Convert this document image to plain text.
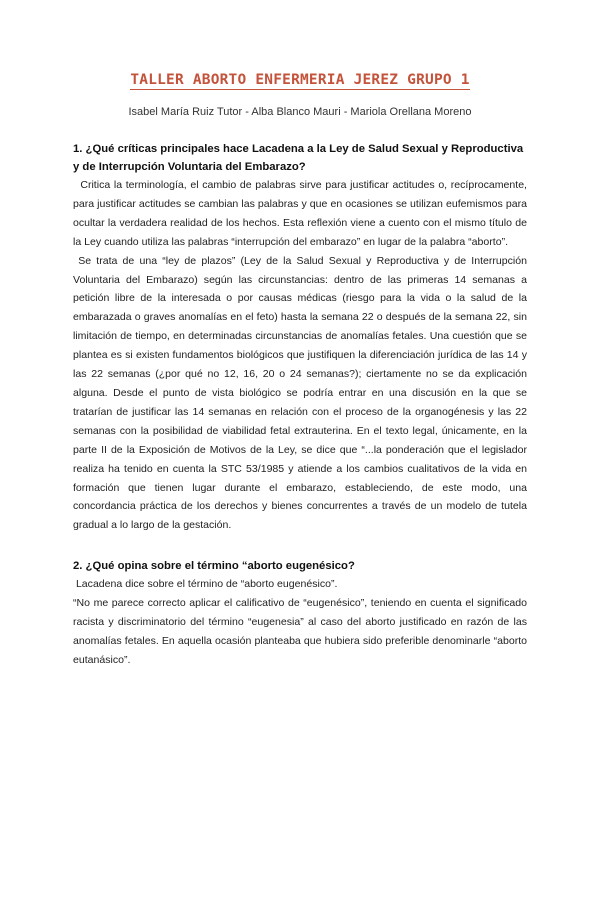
TALLER ABORTO ENFERMERIA JEREZ GRUPO 1

Isabel María Ruiz Tutor - Alba Blanco Mauri - Mariola Orellana Moreno

1. ¿Qué críticas principales hace Lacadena a la Ley de Salud Sexual y Reproductiva y de Interrupción Voluntaria del Embarazo?

Critica la terminología, el cambio de palabras sirve para justificar actitudes o, recíprocamente, para justificar actitudes se cambian las palabras y que en ocasiones se utilizan eufemismos para ocultar la verdadera realidad de los hechos. Esta reflexión viene a cuento con el mismo título de la Ley cuando utiliza las palabras “interrupción del embarazo” en lugar de la palabra “aborto”.

Se trata de una “ley de plazos” (Ley de la Salud Sexual y Reproductiva y de Interrupción Voluntaria del Embarazo) según las circunstancias: dentro de las primeras 14 semanas a petición libre de la interesada o por causas médicas (riesgo para la vida o la salud de la embarazada o graves anomalías en el feto) hasta la semana 22 o después de la semana 22, sin limitación de tiempo, en determinadas circunstancias de anomalías fetales. Una cuestión que se plantea es si existen fundamentos biológicos que justifiquen la diferenciación jurídica de las 14 y las 22 semanas (¿por qué no 12, 16, 20 o 24 semanas?); ciertamente no se da explicación alguna. Desde el punto de vista biológico se podría entrar en una discusión en la que se tratarían de justificar las 14 semanas en relación con el proceso de la organogénesis y las 22 semanas con la posibilidad de viabilidad fetal extrauterina. En el texto legal, únicamente, en la parte II de la Exposición de Motivos de la Ley, se dice que “...la ponderación que el legislador realiza ha tenido en cuenta la STC 53/1985 y atiende a los cambios cualitativos de la vida en formación que tienen lugar durante el embarazo, estableciendo, de este modo, una concordancia práctica de los derechos y bienes concurrentes a través de un modelo de tutela gradual a lo largo de la gestación.

2. ¿Qué opina sobre el término “aborto eugenésico?

Lacadena dice sobre el término de “aborto eugenésico”.

“No me parece correcto aplicar el calificativo de “eugenésico”, teniendo en cuenta el significado racista y discriminatorio del término “eugenesia” al caso del aborto justificado en razón de las anomalías fetales. En aquella ocasión planteaba que hubiera sido preferible denominarle “aborto eutanásico”.
